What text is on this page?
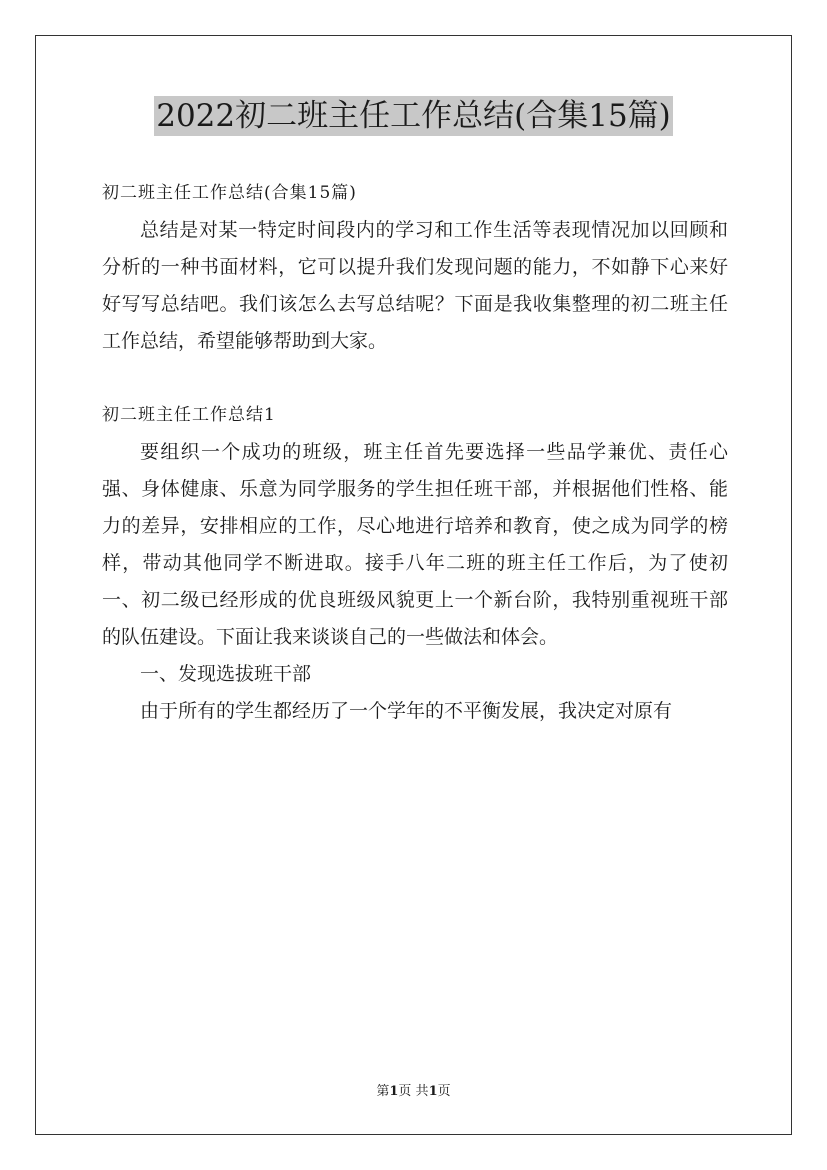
2022初二班主任工作总结(合集15篇)

初二班主任工作总结(合集15篇)

总结是对某一特定时间段内的学习和工作生活等表现情况加以回顾和分析的一种书面材料，它可以提升我们发现问题的能力，不如静下心来好好写写总结吧。我们该怎么去写总结呢？下面是我收集整理的初二班主任工作总结，希望能够帮助到大家。

初二班主任工作总结1

要组织一个成功的班级，班主任首先要选择一些品学兼优、责任心强、身体健康、乐意为同学服务的学生担任班干部，并根据他们性格、能力的差异，安排相应的工作，尽心地进行培养和教育，使之成为同学的榜样，带动其他同学不断进取。接手八年二班的班主任工作后，为了使初一、初二级已经形成的优良班级风貌更上一个新台阶，我特别重视班干部的队伍建设。下面让我来谈谈自己的一些做法和体会。

一、发现选拔班干部

由于所有的学生都经历了一个学年的不平衡发展，我决定对原有

第1页 共1页
